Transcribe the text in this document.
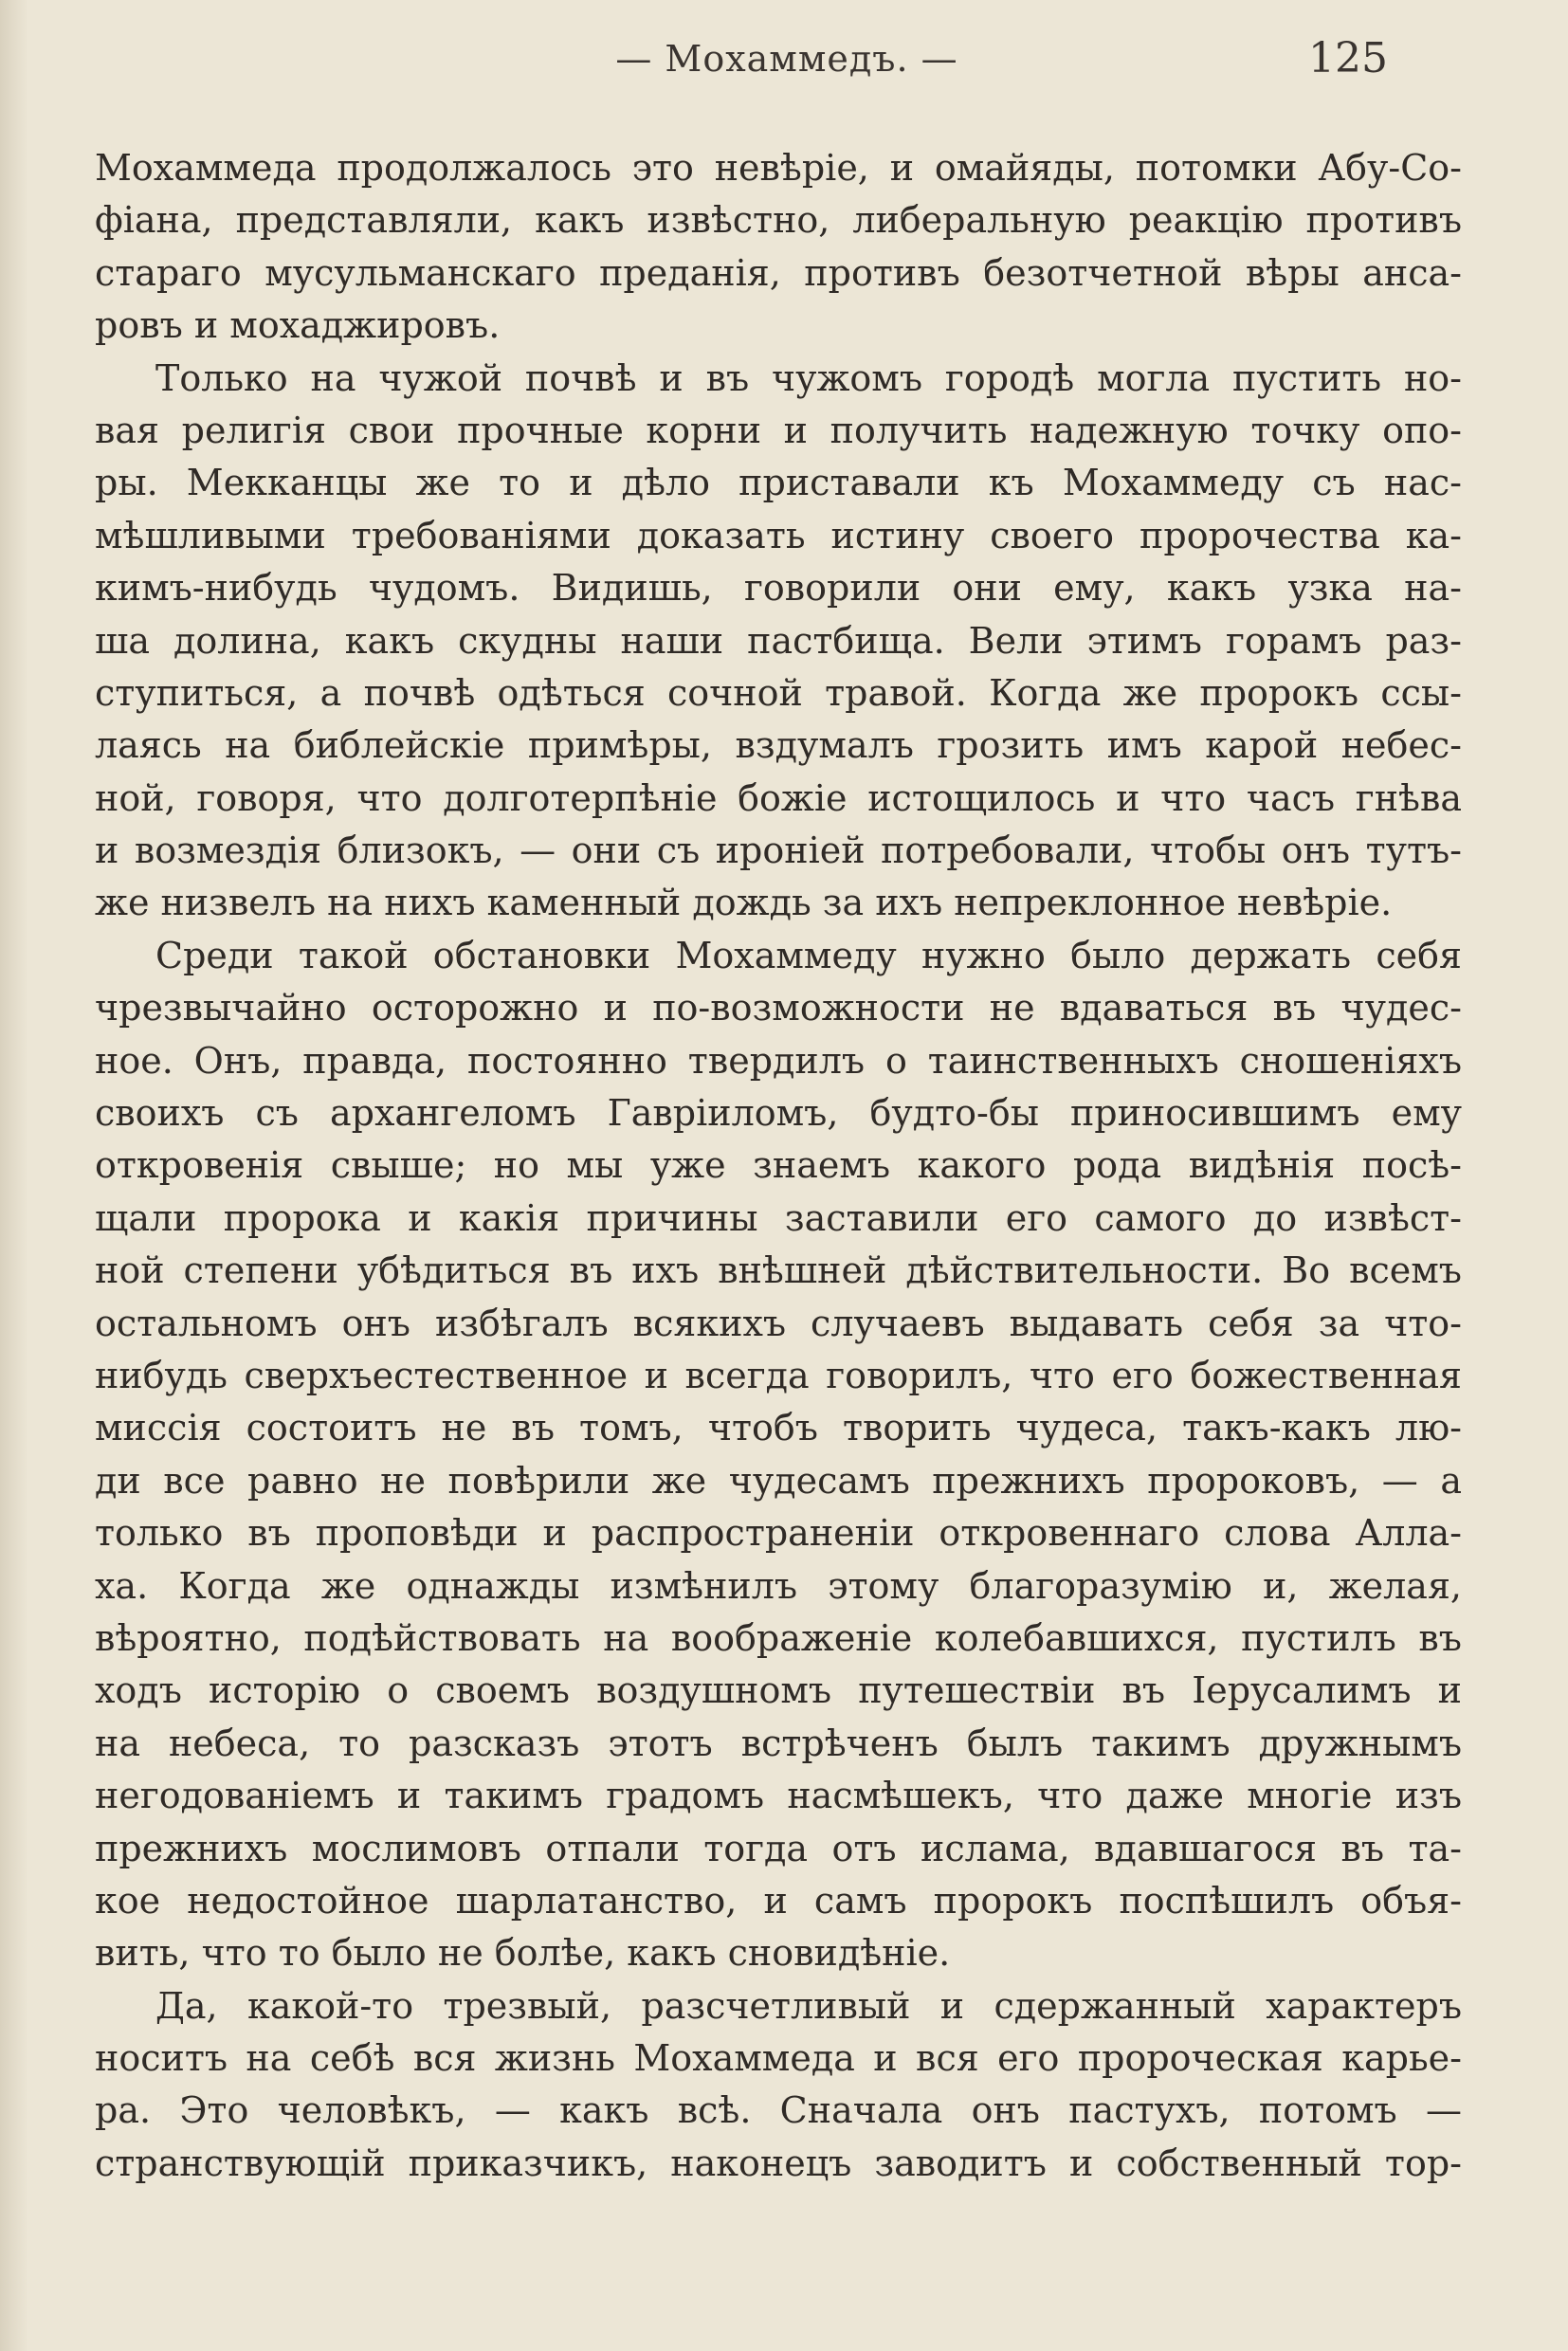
— Мохаммедъ. —	125
Мохаммеда продолжалось это невѣріе, и омайяды, потомки Абу-Со-
фіана, представляли, какъ извѣстно, либеральную реакцію противъ
стараго мусульманскаго преданія, противъ безотчетной вѣры анса-
ровъ и мохаджировъ.
Только на чужой почвѣ и въ чужомъ городѣ могла пустить но-
вая религія свои прочные корни и получить надежную точку опо-
ры. Мекканцы же то и дѣло приставали къ Мохаммеду съ нас-
мѣшливыми требованіями доказать истину своего пророчества ка-
кимъ-нибудь чудомъ. Видишь, говорили они ему, какъ узка на-
ша долина, какъ скудны наши пастбища. Вели этимъ горамъ раз-
ступиться, а почвѣ одѣться сочной травой. Когда же пророкъ ссы-
лаясь на библейскіе примѣры, вздумалъ грозить имъ карой небес-
ной, говоря, что долготерпѣніе божіе истощилось и что часъ гнѣва
и возмездія близокъ, — они съ ироніей потребовали, чтобы онъ тутъ-
же низвелъ на нихъ каменный дождь за ихъ непреклонное невѣріе.
Среди такой обстановки Мохаммеду нужно было держать себя
чрезвычайно осторожно и по-возможности не вдаваться въ чудес-
ное. Онъ, правда, постоянно твердилъ о таинственныхъ сношеніяхъ
своихъ съ архангеломъ Гавріиломъ, будто-бы приносившимъ ему
откровенія свыше; но мы уже знаемъ какого рода видѣнія посѣ-
щали пророка и какія причины заставили его самого до извѣст-
ной степени убѣдиться въ ихъ внѣшней дѣйствительности. Во всемъ
остальномъ онъ избѣгалъ всякихъ случаевъ выдавать себя за что-
нибудь сверхъестественное и всегда говорилъ, что его божественная
миссія состоитъ не въ томъ, чтобъ творить чудеса, такъ-какъ лю-
ди все равно не повѣрили же чудесамъ прежнихъ пророковъ, — а
только въ проповѣди и распространеніи откровеннаго слова Алла-
ха. Когда же однажды измѣнилъ этому благоразумію и, желая,
вѣроятно, подѣйствовать на воображеніе колебавшихся, пустилъ въ
ходъ исторію о своемъ воздушномъ путешествіи въ Іерусалимъ и
на небеса, то разсказъ этотъ встрѣченъ былъ такимъ дружнымъ
негодованіемъ и такимъ градомъ насмѣшекъ, что даже многіе изъ
прежнихъ мослимовъ отпали тогда отъ ислама, вдавшагося въ та-
кое недостойное шарлатанство, и самъ пророкъ поспѣшилъ объя-
вить, что то было не болѣе, какъ сновидѣніе.
Да, какой-то трезвый, разсчетливый и сдержанный характеръ
носитъ на себѣ вся жизнь Мохаммеда и вся его пророческая карье-
ра. Это человѣкъ, — какъ всѣ. Сначала онъ пастухъ, потомъ —
странствующій приказчикъ, наконецъ заводитъ и собственный тор-
